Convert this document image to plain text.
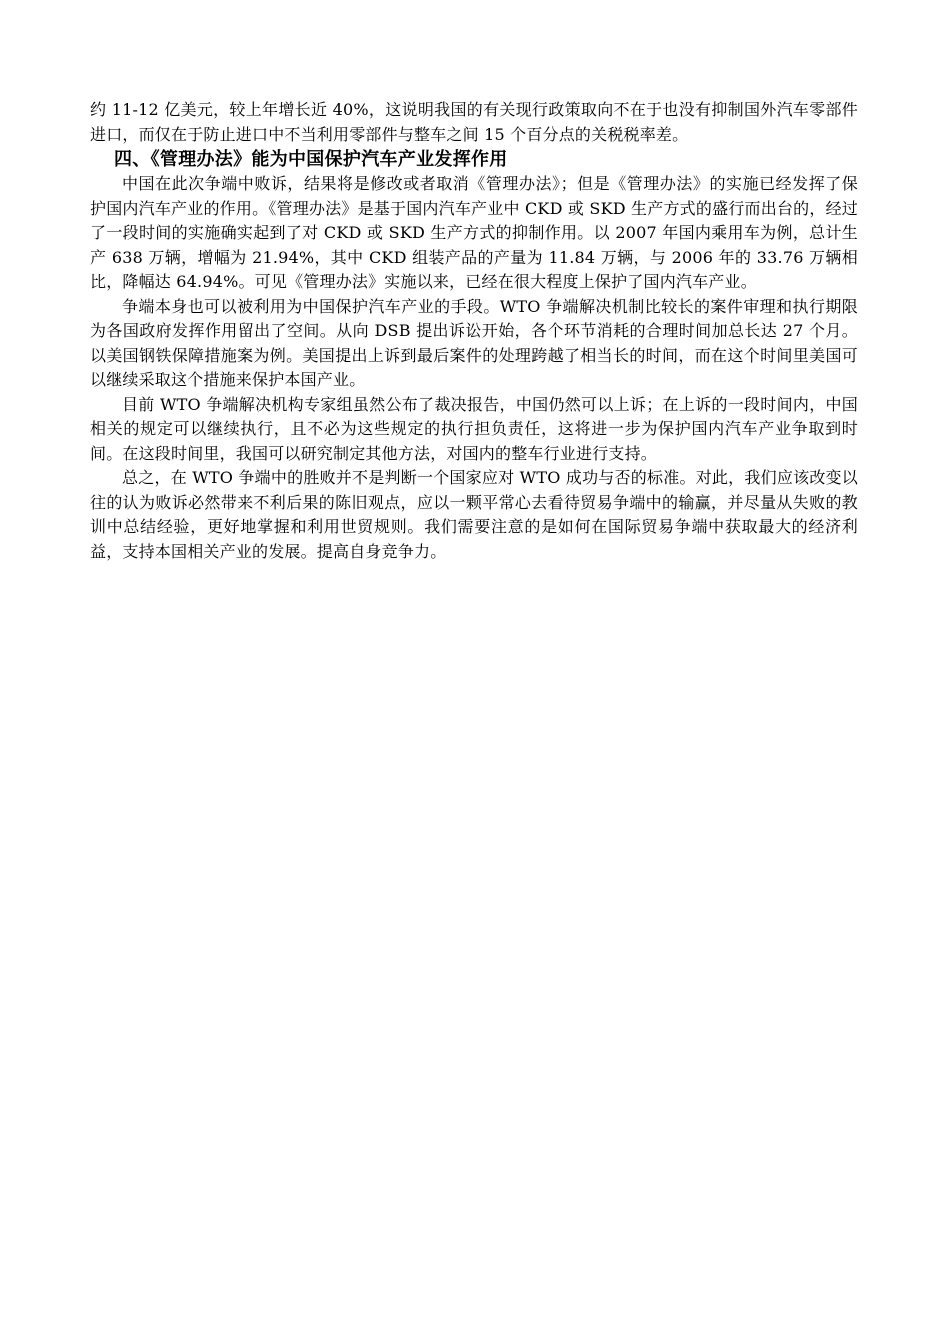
约 11-12 亿美元，较上年增长近 40%，这说明我国的有关现行政策取向不在于也没有抑制国外汽车零部件进口，而仅在于防止进口中不当利用零部件与整车之间 15 个百分点的关税税率差。

四、《管理办法》能为中国保护汽车产业发挥作用

中国在此次争端中败诉，结果将是修改或者取消《管理办法》；但是《管理办法》的实施已经发挥了保护国内汽车产业的作用。《管理办法》是基于国内汽车产业中 CKD 或 SKD 生产方式的盛行而出台的，经过了一段时间的实施确实起到了对 CKD 或 SKD 生产方式的抑制作用。以 2007 年国内乘用车为例，总计生产 638 万辆，增幅为 21.94%，其中 CKD 组装产品的产量为 11.84 万辆，与 2006 年的 33.76 万辆相比，降幅达 64.94%。可见《管理办法》实施以来，已经在很大程度上保护了国内汽车产业。

争端本身也可以被利用为中国保护汽车产业的手段。WTO 争端解决机制比较长的案件审理和执行期限为各国政府发挥作用留出了空间。从向 DSB 提出诉讼开始，各个环节消耗的合理时间加总长达 27 个月。以美国钢铁保障措施案为例。美国提出上诉到最后案件的处理跨越了相当长的时间，而在这个时间里美国可以继续采取这个措施来保护本国产业。

目前 WTO 争端解决机构专家组虽然公布了裁决报告，中国仍然可以上诉；在上诉的一段时间内，中国相关的规定可以继续执行，且不必为这些规定的执行担负责任，这将进一步为保护国内汽车产业争取到时间。在这段时间里，我国可以研究制定其他方法，对国内的整车行业进行支持。

总之，在 WTO 争端中的胜败并不是判断一个国家应对 WTO 成功与否的标准。对此，我们应该改变以往的认为败诉必然带来不利后果的陈旧观点，应以一颗平常心去看待贸易争端中的输赢，并尽量从失败的教训中总结经验，更好地掌握和利用世贸规则。我们需要注意的是如何在国际贸易争端中获取最大的经济利益，支持本国相关产业的发展。提高自身竞争力。
